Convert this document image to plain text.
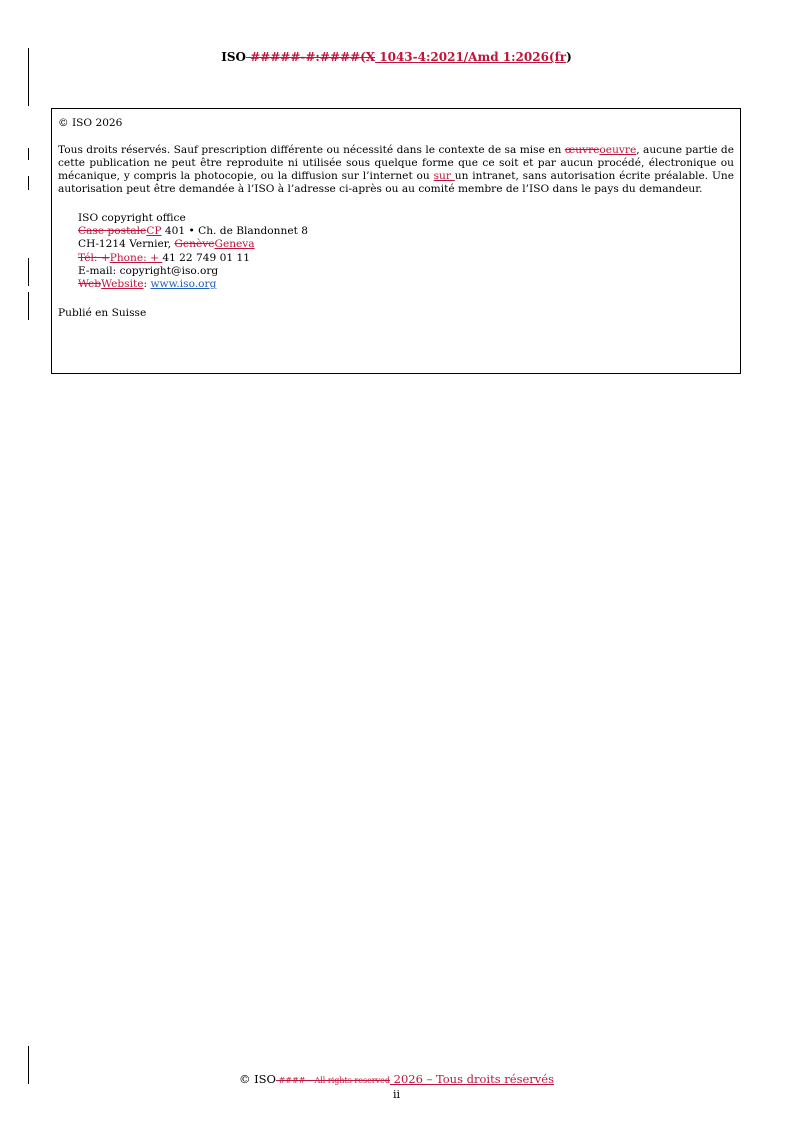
ISO #####-#:####(X 1043-4:2021/Amd 1:2026(fr)

© ISO 2026

Tous droits réservés. Sauf prescription différente ou nécessité dans le contexte de sa mise en œuvreoeuvre, aucune partie de cette publication ne peut être reproduite ni utilisée sous quelque forme que ce soit et par aucun procédé, électronique ou mécanique, y compris la photocopie, ou la diffusion sur l’internet ou sur un intranet, sans autorisation écrite préalable. Une autorisation peut être demandée à l’ISO à l’adresse ci-après ou au comité membre de l’ISO dans le pays du demandeur.

ISO copyright office
Case postaleCP 401 • Ch. de Blandonnet 8
CH-1214 Vernier, GenèveGeneva
Tél: +Phone: + 41 22 749 01 11
E-mail: copyright@iso.org
WebWebsite: www.iso.org

Publié en Suisse

© ISO #### – All rights reserved 2026 – Tous droits réservés
ii
